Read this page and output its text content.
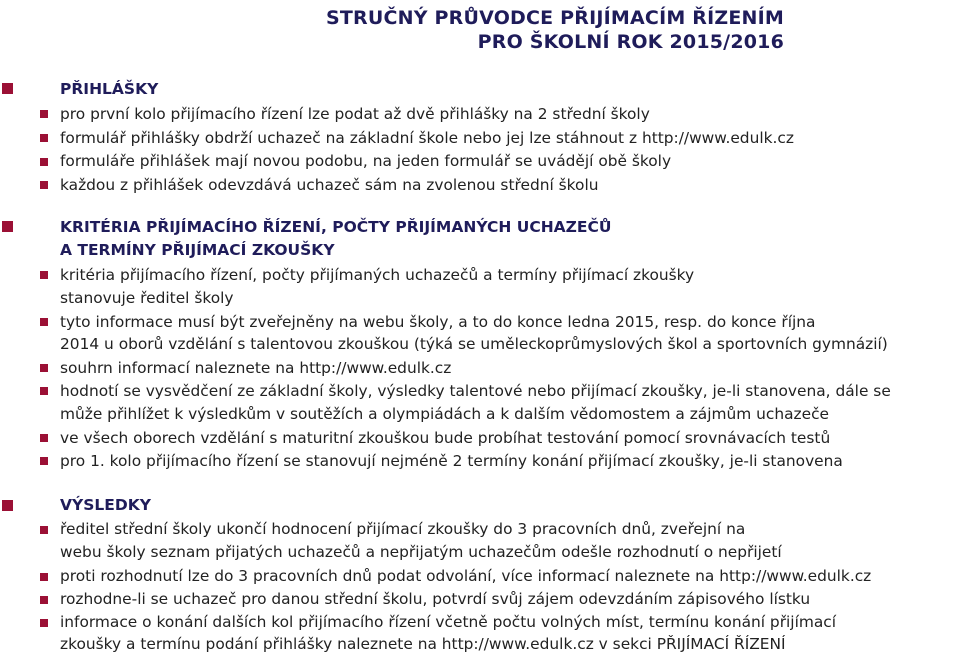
STRUČNÝ PRŮVODCE PŘIJÍMACÍM ŘÍZENÍM
PRO ŠKOLNÍ ROK 2015/2016
PŘIHLÁŠKY
pro první kolo přijímacího řízení lze podat až dvě přihlášky na 2 střední školy
formulář přihlášky obdrží uchazeč na základní škole nebo jej lze stáhnout z http://www.edulk.cz
formuláře přihlášek mají novou podobu, na jeden formulář se uvádějí obě školy
každou z přihlášek odevzdává uchazeč sám na zvolenou střední školu
KRITÉRIA PŘIJÍMACÍHO ŘÍZENÍ, POČTY PŘIJÍMANÝCH UCHAZEČŮ
A TERMÍNY PŘIJÍMACÍ ZKOUŠKY
kritéria přijímacího řízení, počty přijímaných uchazečů a termíny přijímací zkoušky
stanovuje ředitel školy
tyto informace musí být zveřejněny na webu školy, a to do konce ledna 2015, resp. do konce října
2014 u oborů vzdělání s talentovou zkouškou (týká se uměleckoprůmyslových škol a sportovních gymnázií)
souhrn informací naleznete na http://www.edulk.cz
hodnotí se vysvědčení ze základní školy, výsledky talentové nebo přijímací zkoušky, je-li stanovena, dále se
může přihlížet k výsledkům v soutěžích a olympiádách a k dalším vědomostem a zájmům uchazeče
ve všech oborech vzdělání s maturitní zkouškou bude probíhat testování pomocí srovnávacích testů
pro 1. kolo přijímacího řízení se stanovují nejméně 2 termíny konání přijímací zkoušky, je-li stanovena
VÝSLEDKY
ředitel střední školy ukončí hodnocení přijímací zkoušky do 3 pracovních dnů, zveřejní na
webu školy seznam přijatých uchazečů a nepřijatým uchazečům odešle rozhodnutí o nepřijetí
proti rozhodnutí lze do 3 pracovních dnů podat odvolání, více informací naleznete na http://www.edulk.cz
rozhodne-li se uchazeč pro danou střední školu, potvrdí svůj zájem odevzdáním zápisového lístku
informace o konání dalších kol přijímacího řízení včetně počtu volných míst, termínu konání přijímací
zkoušky a termínu podání přihlášky naleznete na http://www.edulk.cz v sekci PŘIJÍMACÍ ŘÍZENÍ
